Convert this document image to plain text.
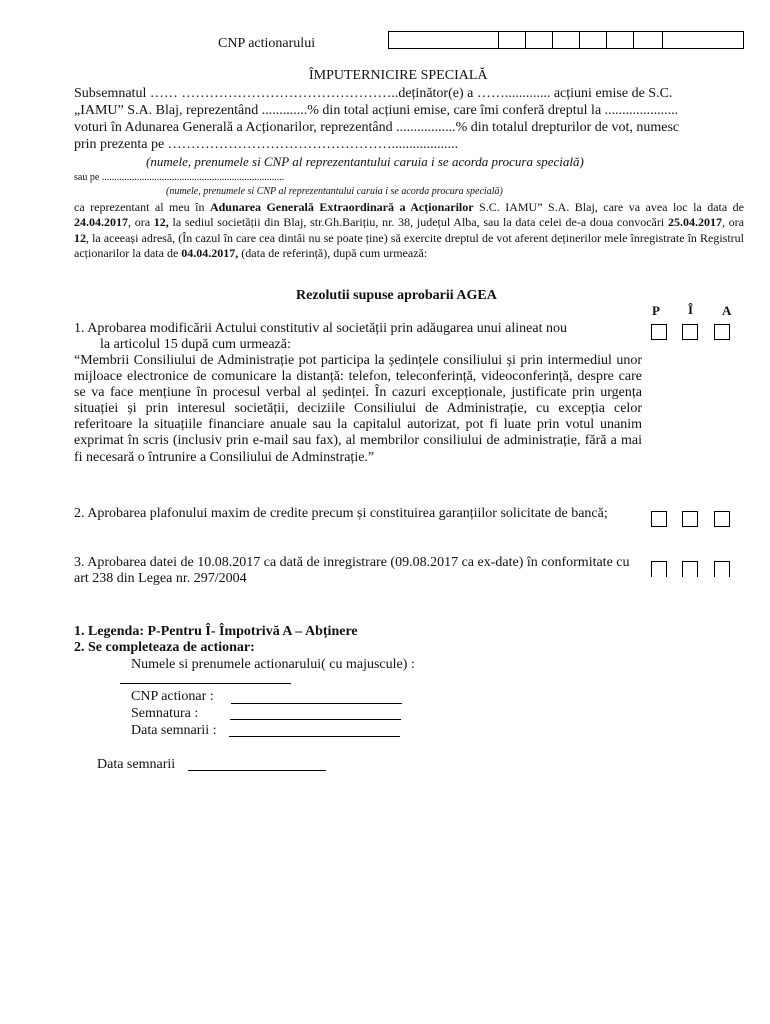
CNP actionarului
ÎMPUTERNICIRE SPECIALĂ
Subsemnatul …… ………………………………………..deținător(e) a ……............. acțiuni emise de S.C.
„IAMU” S.A. Blaj, reprezentând .............% din total acțiuni emise, care îmi conferă dreptul la .....................
voturi în Adunarea Generală a Acționarilor, reprezentând .................% din totalul drepturilor de vot, numesc
prin prezenta pe …………………………………………...................
(numele, prenumele si CNP al reprezentantului caruia i se acorda procura specială)
sau pe .........................................................................
(numele, prenumele si CNP al reprezentantului caruia i se acorda procura specială)
ca reprezentant al meu în Adunarea Generală Extraordinară a Acționarilor S.C. IAMU” S.A. Blaj, care va avea loc la data de 24.04.2017, ora 12, la sediul societății din Blaj, str.Gh.Barițiu, nr. 38, județul Alba, sau la data celei de-a doua convocări 25.04.2017, ora 12, la aceeași adresă, (În cazul în care cea dintâi nu se poate ține) să exercite dreptul de vot aferent deținerilor mele înregistrate în Registrul acționarilor la data de 04.04.2017, (data de referință), după cum urmează:
Rezolutii supuse aprobarii AGEA
P Î A
1. Aprobarea modificării Actului constitutiv al societății prin adăugarea unui alineat nou
la articolul 15 după cum urmează:
“Membrii Consiliului de Administrație pot participa la ședințele consiliului și prin intermediul unor mijloace electronice de comunicare la distanță: telefon, teleconferință, videoconferință, despre care se va face mențiune în procesul verbal al ședinței. În cazuri excepționale, justificate prin urgența situației și prin interesul societății, deciziile Consiliului de Administrație, cu excepția celor referitoare la situațiile financiare anuale sau la capitalul autorizat, pot fi luate prin votul unanim exprimat în scris (inclusiv prin e-mail sau fax), al membrilor consiliului de administrație, fără a mai fi necesară o întrunire a Consiliului de Adminstrație.”
2. Aprobarea plafonului maxim de credite precum și constituirea garanțiilor solicitate de bancă;
3. Aprobarea datei de 10.08.2017 ca dată de inregistrare (09.08.2017 ca ex-date) în conformitate cu art 238 din Legea nr. 297/2004
1. Legenda: P-Pentru Î- Împotrivă A – Abținere
2. Se completeaza de actionar:
Numele si prenumele actionarului( cu majuscule) :
CNP actionar :
Semnatura :
Data semnarii :
Data semnarii
